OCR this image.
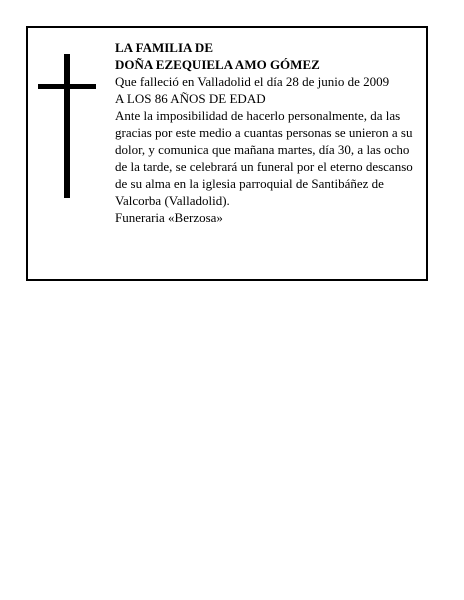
LA FAMILIA DE
DOÑA EZEQUIELA AMO GÓMEZ
Que falleció en Valladolid el día 28 de junio de 2009
A LOS 86 AÑOS DE EDAD
Ante la imposibilidad de hacerlo personalmente, da las gracias por este medio a cuantas personas se unieron a su dolor, y comunica que mañana martes, día 30, a las ocho de la tarde, se celebrará un funeral por el eterno descanso de su alma en la iglesia parroquial de Santibáñez de Valcorba (Valladolid).
Funeraria «Berzosa»
